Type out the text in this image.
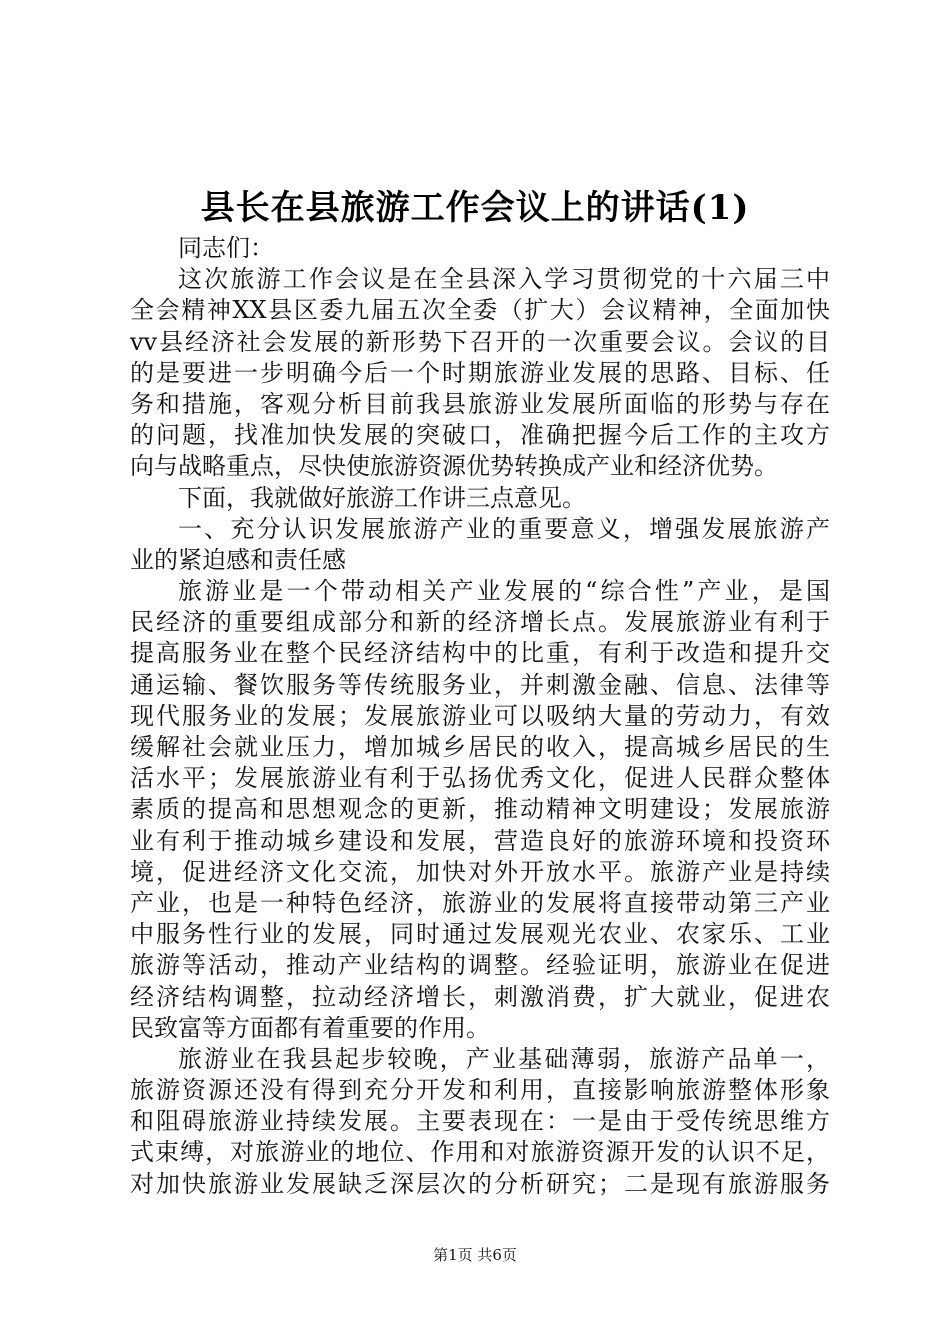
县长在县旅游工作会议上的讲话(1)
同志们：
这次旅游工作会议是在全县深入学习贯彻党的十六届三中
全会精神XX县区委九届五次全委（扩大）会议精神，全面加快
vv县经济社会发展的新形势下召开的一次重要会议。会议的目
的是要进一步明确今后一个时期旅游业发展的思路、目标、任
务和措施，客观分析目前我县旅游业发展所面临的形势与存在
的问题，找准加快发展的突破口，准确把握今后工作的主攻方
向与战略重点，尽快使旅游资源优势转换成产业和经济优势。
下面，我就做好旅游工作讲三点意见。
一、充分认识发展旅游产业的重要意义，增强发展旅游产
业的紧迫感和责任感
旅游业是一个带动相关产业发展的“综合性”产业，是国
民经济的重要组成部分和新的经济增长点。发展旅游业有利于
提高服务业在整个民经济结构中的比重，有利于改造和提升交
通运输、餐饮服务等传统服务业，并刺激金融、信息、法律等
现代服务业的发展；发展旅游业可以吸纳大量的劳动力，有效
缓解社会就业压力，增加城乡居民的收入，提高城乡居民的生
活水平；发展旅游业有利于弘扬优秀文化，促进人民群众整体
素质的提高和思想观念的更新，推动精神文明建设；发展旅游
业有利于推动城乡建设和发展，营造良好的旅游环境和投资环
境，促进经济文化交流，加快对外开放水平。旅游产业是持续
产业，也是一种特色经济，旅游业的发展将直接带动第三产业
中服务性行业的发展，同时通过发展观光农业、农家乐、工业
旅游等活动，推动产业结构的调整。经验证明，旅游业在促进
经济结构调整，拉动经济增长，刺激消费，扩大就业，促进农
民致富等方面都有着重要的作用。
旅游业在我县起步较晚，产业基础薄弱，旅游产品单一，
旅游资源还没有得到充分开发和利用，直接影响旅游整体形象
和阻碍旅游业持续发展。主要表现在：一是由于受传统思维方
式束缚，对旅游业的地位、作用和对旅游资源开发的认识不足，
对加快旅游业发展缺乏深层次的分析研究；二是现有旅游服务
第1页 共6页
